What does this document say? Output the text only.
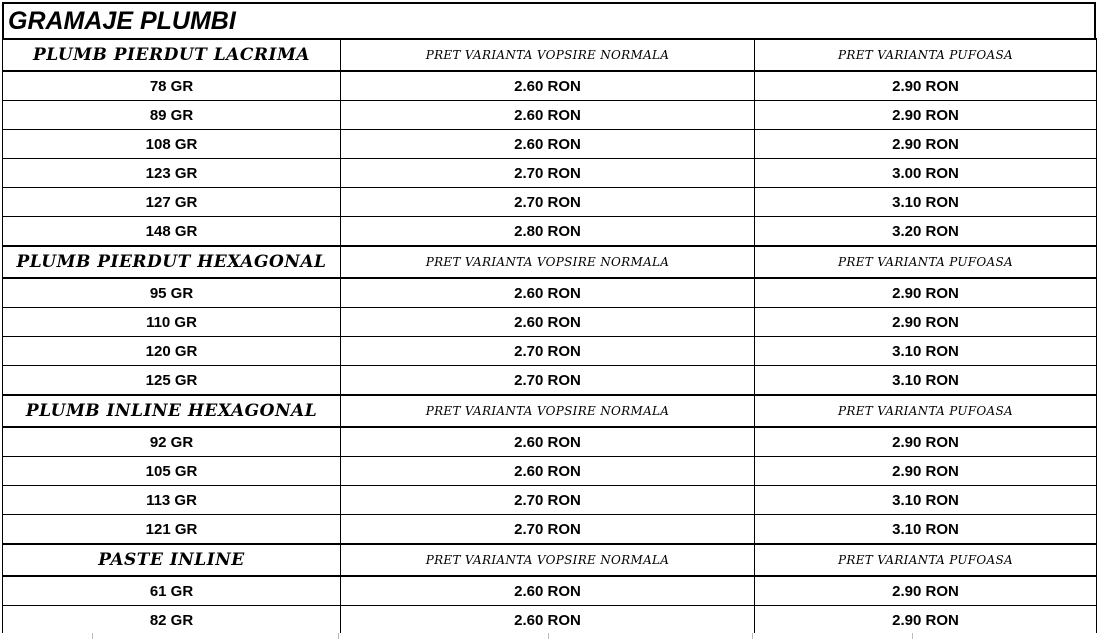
GRAMAJE PLUMBI
PLUMB PIERDUT LACRIMA	PRET VARIANTA VOPSIRE NORMALA	PRET VARIANTA PUFOASA
78 GR	2.60 RON	2.90 RON
89 GR	2.60 RON	2.90 RON
108 GR	2.60 RON	2.90 RON
123 GR	2.70 RON	3.00 RON
127 GR	2.70 RON	3.10 RON
148 GR	2.80 RON	3.20 RON
PLUMB PIERDUT HEXAGONAL	PRET VARIANTA VOPSIRE NORMALA	PRET VARIANTA PUFOASA
95 GR	2.60 RON	2.90 RON
110 GR	2.60 RON	2.90 RON
120 GR	2.70 RON	3.10 RON
125 GR	2.70 RON	3.10 RON
PLUMB INLINE HEXAGONAL	PRET VARIANTA VOPSIRE NORMALA	PRET VARIANTA PUFOASA
92 GR	2.60 RON	2.90 RON
105 GR	2.60 RON	2.90 RON
113 GR	2.70 RON	3.10 RON
121 GR	2.70 RON	3.10 RON
PASTE INLINE	PRET VARIANTA VOPSIRE NORMALA	PRET VARIANTA PUFOASA
61 GR	2.60 RON	2.90 RON
82 GR	2.60 RON	2.90 RON
